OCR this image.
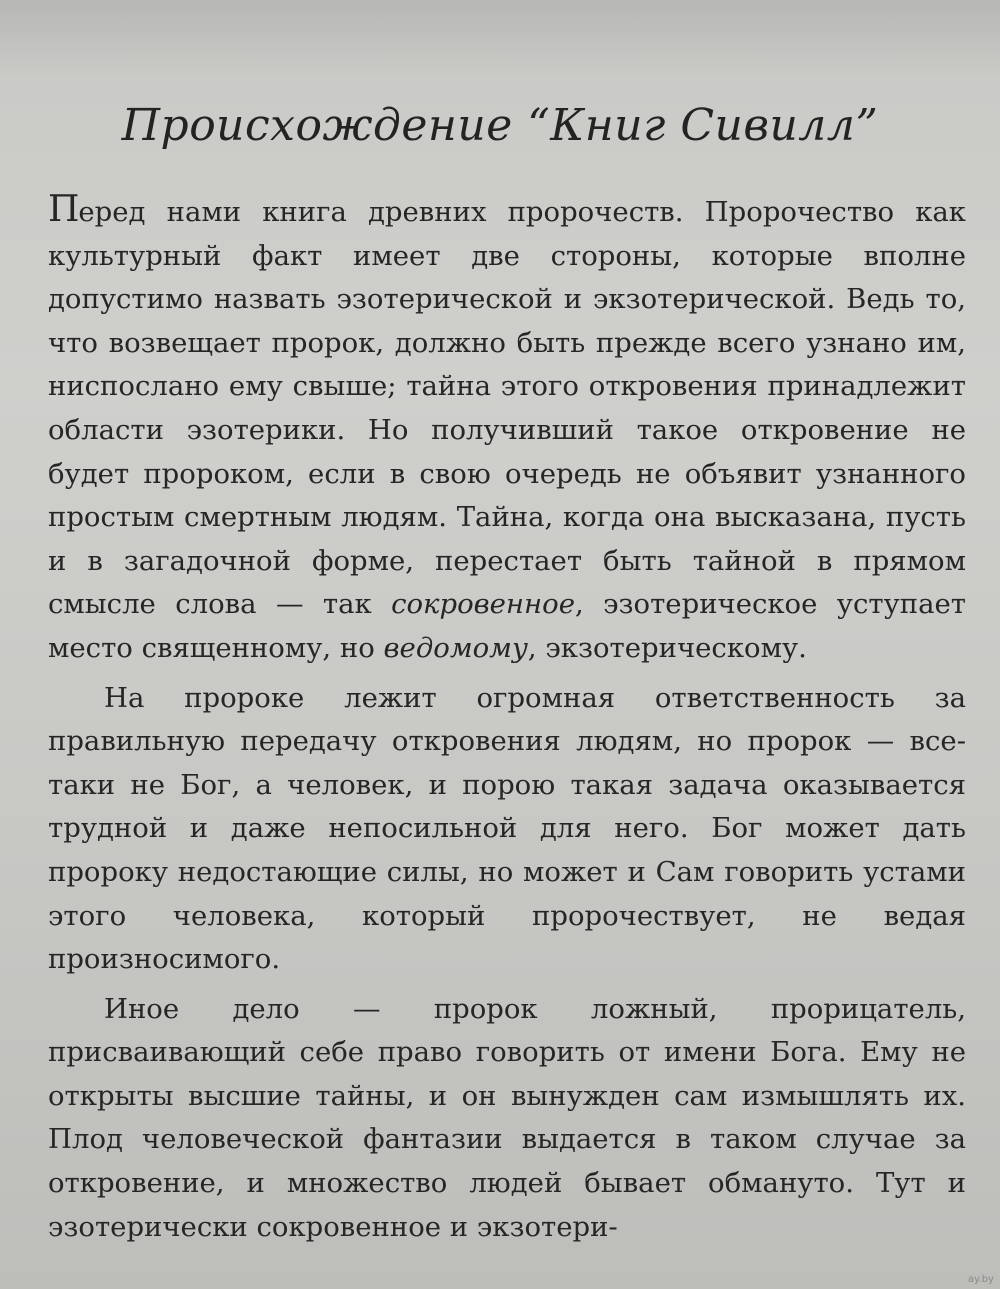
Происхождение “Книг Сивилл”

Перед нами книга древних пророчеств. Пророчество как культурный факт имеет две стороны, которые вполне допустимо назвать эзотерической и экзотерической. Ведь то, что возвещает пророк, должно быть прежде всего узнано им, ниспослано ему свыше; тайна этого откровения принадлежит области эзотерики. Но получивший такое откровение не будет пророком, если в свою очередь не объявит узнанного простым смертным людям. Тайна, когда она высказана, пусть и в загадочной форме, перестает быть тайной в прямом смысле слова — так сокровенное, эзотерическое уступает место священному, но ведомому, экзотерическому.

На пророке лежит огромная ответственность за правильную передачу откровения людям, но пророк — все-таки не Бог, а человек, и порою такая задача оказывается трудной и даже непосильной для него. Бог может дать пророку недостающие силы, но может и Сам говорить устами этого человека, который пророчествует, не ведая произносимого.

Иное дело — пророк ложный, прорицатель, присваивающий себе право говорить от имени Бога. Ему не открыты высшие тайны, и он вынужден сам измышлять их. Плод человеческой фантазии выдается в таком случае за откровение, и множество людей бывает обмануто. Тут и эзотерически сокровенное и экзотери-

ay.by
